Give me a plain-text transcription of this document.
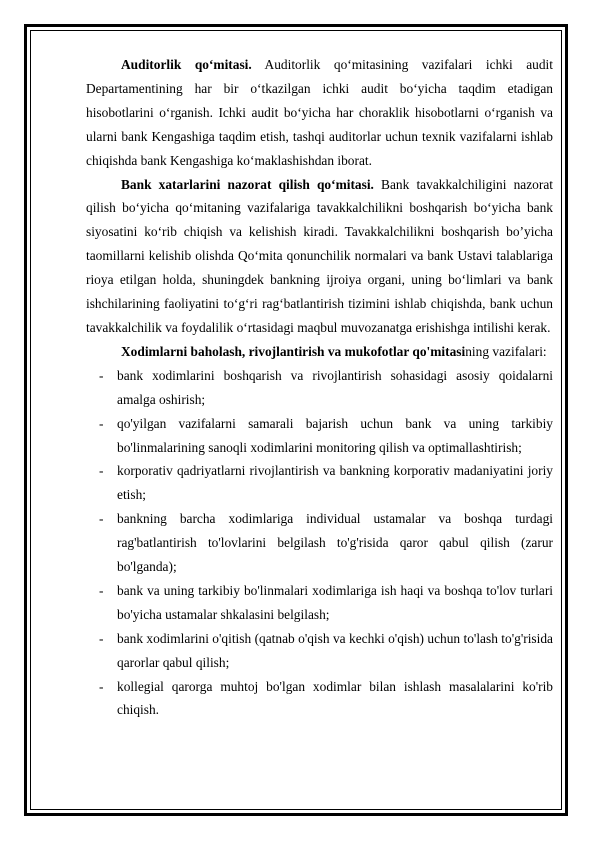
Auditorlik qo‘mitasi. Auditorlik qo‘mitasining vazifalari ichki audit Departamentining har bir o‘tkazilgan ichki audit bo‘yicha taqdim etadigan hisobotlarini o‘rganish. Ichki audit bo‘yicha har choraklik hisobotlarni o‘rganish va ularni bank Kengashiga taqdim etish, tashqi auditorlar uchun texnik vazifalarni ishlab chiqishda bank Kengashiga ko‘maklashishdan iborat.

Bank xatarlarini nazorat qilish qo‘mitasi. Bank tavakkalchiligini nazorat qilish bo‘yicha qo‘mitaning vazifalariga tavakkalchilikni boshqarish bo‘yicha bank siyosatini ko‘rib chiqish va kelishish kiradi. Tavakkalchilikni boshqarish bo’yicha taomillarni kelishib olishda Qo‘mita qonunchilik normalari va bank Ustavi talablariga rioya etilgan holda, shuningdek bankning ijroiya organi, uning bo‘limlari va bank ishchilarining faoliyatini to‘g‘ri rag‘batlantirish tizimini ishlab chiqishda, bank uchun tavakkalchilik va foydalilik o‘rtasidagi maqbul muvozanatga erishishga intilishi kerak.

Xodimlarni baholash, rivojlantirish va mukofotlar qo'mitasining vazifalari:

- bank xodimlarini boshqarish va rivojlantirish sohasidagi asosiy qoidalarni amalga oshirish;
- qo'yilgan vazifalarni samarali bajarish uchun bank va uning tarkibiy bo'linmalarining sanoqli xodimlarini monitoring qilish va optimallashtirish;
- korporativ qadriyatlarni rivojlantirish va bankning korporativ madaniyatini joriy etish;
- bankning barcha xodimlariga individual ustamalar va boshqa turdagi rag'batlantirish to'lovlarini belgilash to'g'risida qaror qabul qilish (zarur bo'lganda);
- bank va uning tarkibiy bo'linmalari xodimlariga ish haqi va boshqa to'lov turlari bo'yicha ustamalar shkalasini belgilash;
- bank xodimlarini o'qitish (qatnab o'qish va kechki o'qish) uchun to'lash to'g'risida qarorlar qabul qilish;
- kollegial qarorga muhtoj bo'lgan xodimlar bilan ishlash masalalarini ko'rib chiqish.
